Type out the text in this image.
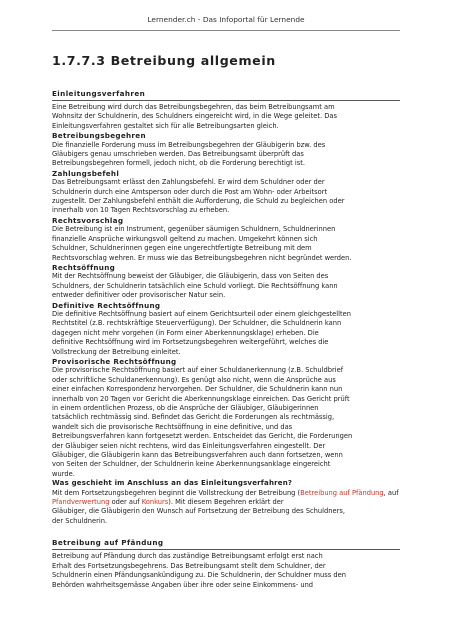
Lernender.ch - Das Infoportal für Lernende
1.7.7.3 Betreibung allgemein
Einleitungsverfahren
Eine Betreibung wird durch das Betreibungsbegehren, das beim Betreibungsamt am
Wohnsitz der Schuldnerin, des Schuldners eingereicht wird, in die Wege geleitet. Das
Einleitungsverfahren gestaltet sich für alle Betreibungsarten gleich.
Betreibungsbegehren
Die finanzielle Forderung muss im Betreibungsbegehren der Gläubigerin bzw. des
Gläubigers genau umschrieben werden. Das Betreibungsamt überprüft das
Betreibungsbegehren formell, jedoch nicht, ob die Forderung berechtigt ist.
Zahlungsbefehl
Das Betreibungsamt erlässt den Zahlungsbefehl. Er wird dem Schuldner oder der
Schuldnerin durch eine Amtsperson oder durch die Post am Wohn- oder Arbeitsort
zugestellt. Der Zahlungsbefehl enthält die Aufforderung, die Schuld zu begleichen oder
innerhalb von 10 Tagen Rechtsvorschlag zu erheben.
Rechtsvorschlag
Die Betreibung ist ein Instrument, gegenüber säumigen Schuldnern, Schuldnerinnen
finanzielle Ansprüche wirkungsvoll geltend zu machen. Umgekehrt können sich
Schuldner, Schuldnerinnen gegen eine ungerechtfertigte Betreibung mit dem
Rechtsvorschlag wehren. Er muss wie das Betreibungsbegehren nicht begründet werden.
Rechtsöffnung
Mit der Rechtsöffnung beweist der Gläubiger, die Gläubigerin, dass von Seiten des
Schuldners, der Schuldnerin tatsächlich eine Schuld vorliegt. Die Rechtsöffnung kann
entweder definitiver oder provisorischer Natur sein.
Definitive Rechtsöffnung
Die definitive Rechtsöffnung basiert auf einem Gerichtsurteil oder einem gleichgestellten
Rechtstitel (z.B. rechtskräftige Steuerverfügung). Der Schuldner, die Schuldnerin kann
dagegen nicht mehr vorgehen (in Form einer Aberkennungsklage) erheben. Die
definitive Rechtsöffnung wird im Fortsetzungsbegehren weitergeführt, welches die
Vollstreckung der Betreibung einleitet.
Provisorische Rechtsöffnung
Die provisorische Rechtsöffnung basiert auf einer Schuldanerkennung (z.B. Schuldbrief
oder schriftliche Schuldanerkennung). Es genügt also nicht, wenn die Ansprüche aus
einer einfachen Korrespondenz hervorgehen. Der Schuldner, die Schuldnerin kann nun
innerhalb von 20 Tagen vor Gericht die Aberkennungsklage einreichen. Das Gericht prüft
in einem ordentlichen Prozess, ob die Ansprüche der Gläubiger, Gläubigerinnen
tatsächlich rechtmässig sind. Befindet das Gericht die Forderungen als rechtmässig,
wandelt sich die provisorische Rechtsöffnung in eine definitive, und das
Betreibungsverfahren kann fortgesetzt werden. Entscheidet das Gericht, die Forderungen
der Gläubiger seien nicht rechtens, wird das Einleitungsverfahren eingestellt. Der
Gläubiger, die Gläubigerin kann das Betreibungsverfahren auch dann fortsetzen, wenn
von Seiten der Schuldner, der Schuldnerin keine Aberkennungsanklage eingereicht
wurde.
Was geschieht im Anschluss an das Einleitungsverfahren?
Mit dem Fortsetzungsbegehren beginnt die Vollstreckung der Betreibung (Betreibung auf Pfändung, auf Pfandverwertung oder auf Konkurs). Mit diesem Begehren erklärt der
Gläubiger, die Gläubigerin den Wunsch auf Fortsetzung der Betreibung des Schuldners,
der Schuldnerin.
Betreibung auf Pfändung
Betreibung auf Pfändung durch das zuständige Betreibungsamt erfolgt erst nach
Erhalt des Fortsetzungsbegehrens. Das Betreibungsamt stellt dem Schuldner, der
Schuldnerin einen Pfändungsankündigung zu. Die Schuldnerin, der Schuldner muss den
Behörden wahrheitsgemässe Angaben über ihre oder seine Einkommens- und
